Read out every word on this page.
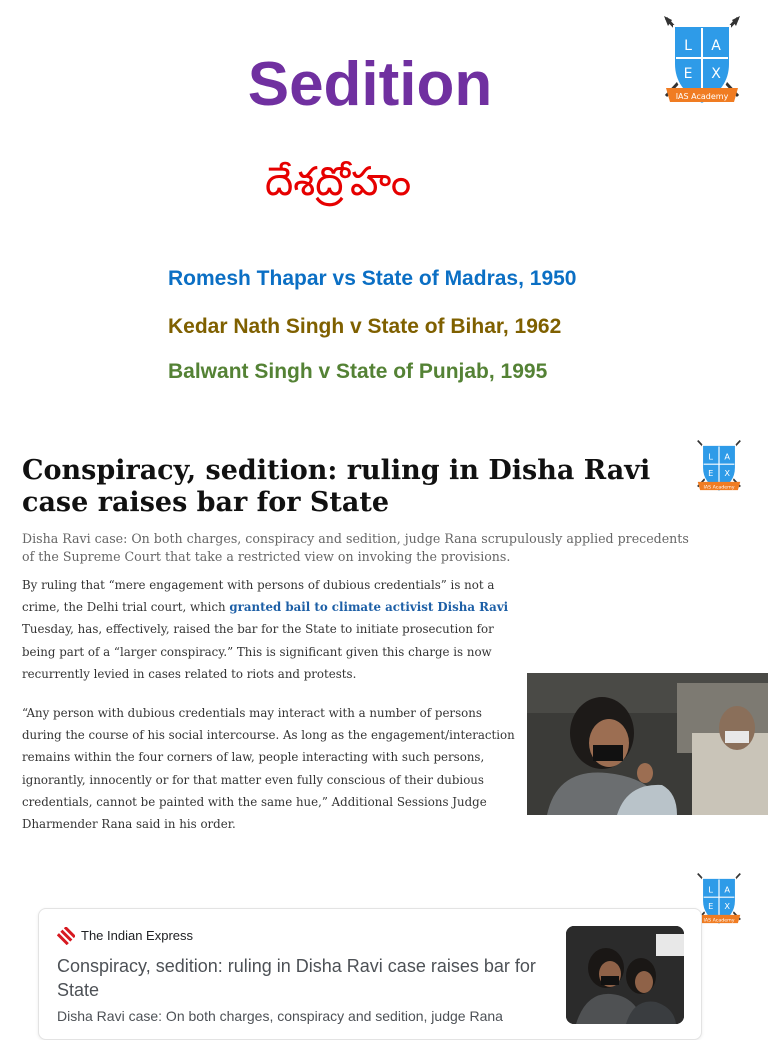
Sedition
దేశద్రోహం
Romesh Thapar vs State of Madras, 1950
Kedar Nath Singh v State of Bihar, 1962
Balwant Singh v State of Punjab, 1995
L A
E X
IAS Academy
Conspiracy, sedition: ruling in Disha Ravi case raises bar for State
L A
E X
IAS Academy
Disha Ravi case: On both charges, conspiracy and sedition, judge Rana scrupulously applied precedents of the Supreme Court that take a restricted view on invoking the provisions.
By ruling that “mere engagement with persons of dubious credentials” is not a crime, the Delhi trial court, which granted bail to climate activist Disha Ravi Tuesday, has, effectively, raised the bar for the State to initiate prosecution for being part of a “larger conspiracy.” This is significant given this charge is now recurrently levied in cases related to riots and protests.
“Any person with dubious credentials may interact with a number of persons during the course of his social intercourse. As long as the engagement/interaction remains within the four corners of law, people interacting with such persons, ignorantly, innocently or for that matter even fully conscious of their dubious credentials, cannot be painted with the same hue,” Additional Sessions Judge Dharmender Rana said in his order.
L A
E X
IAS Academy
The Indian Express
Conspiracy, sedition: ruling in Disha Ravi case raises bar for State
Disha Ravi case: On both charges, conspiracy and sedition, judge Rana
